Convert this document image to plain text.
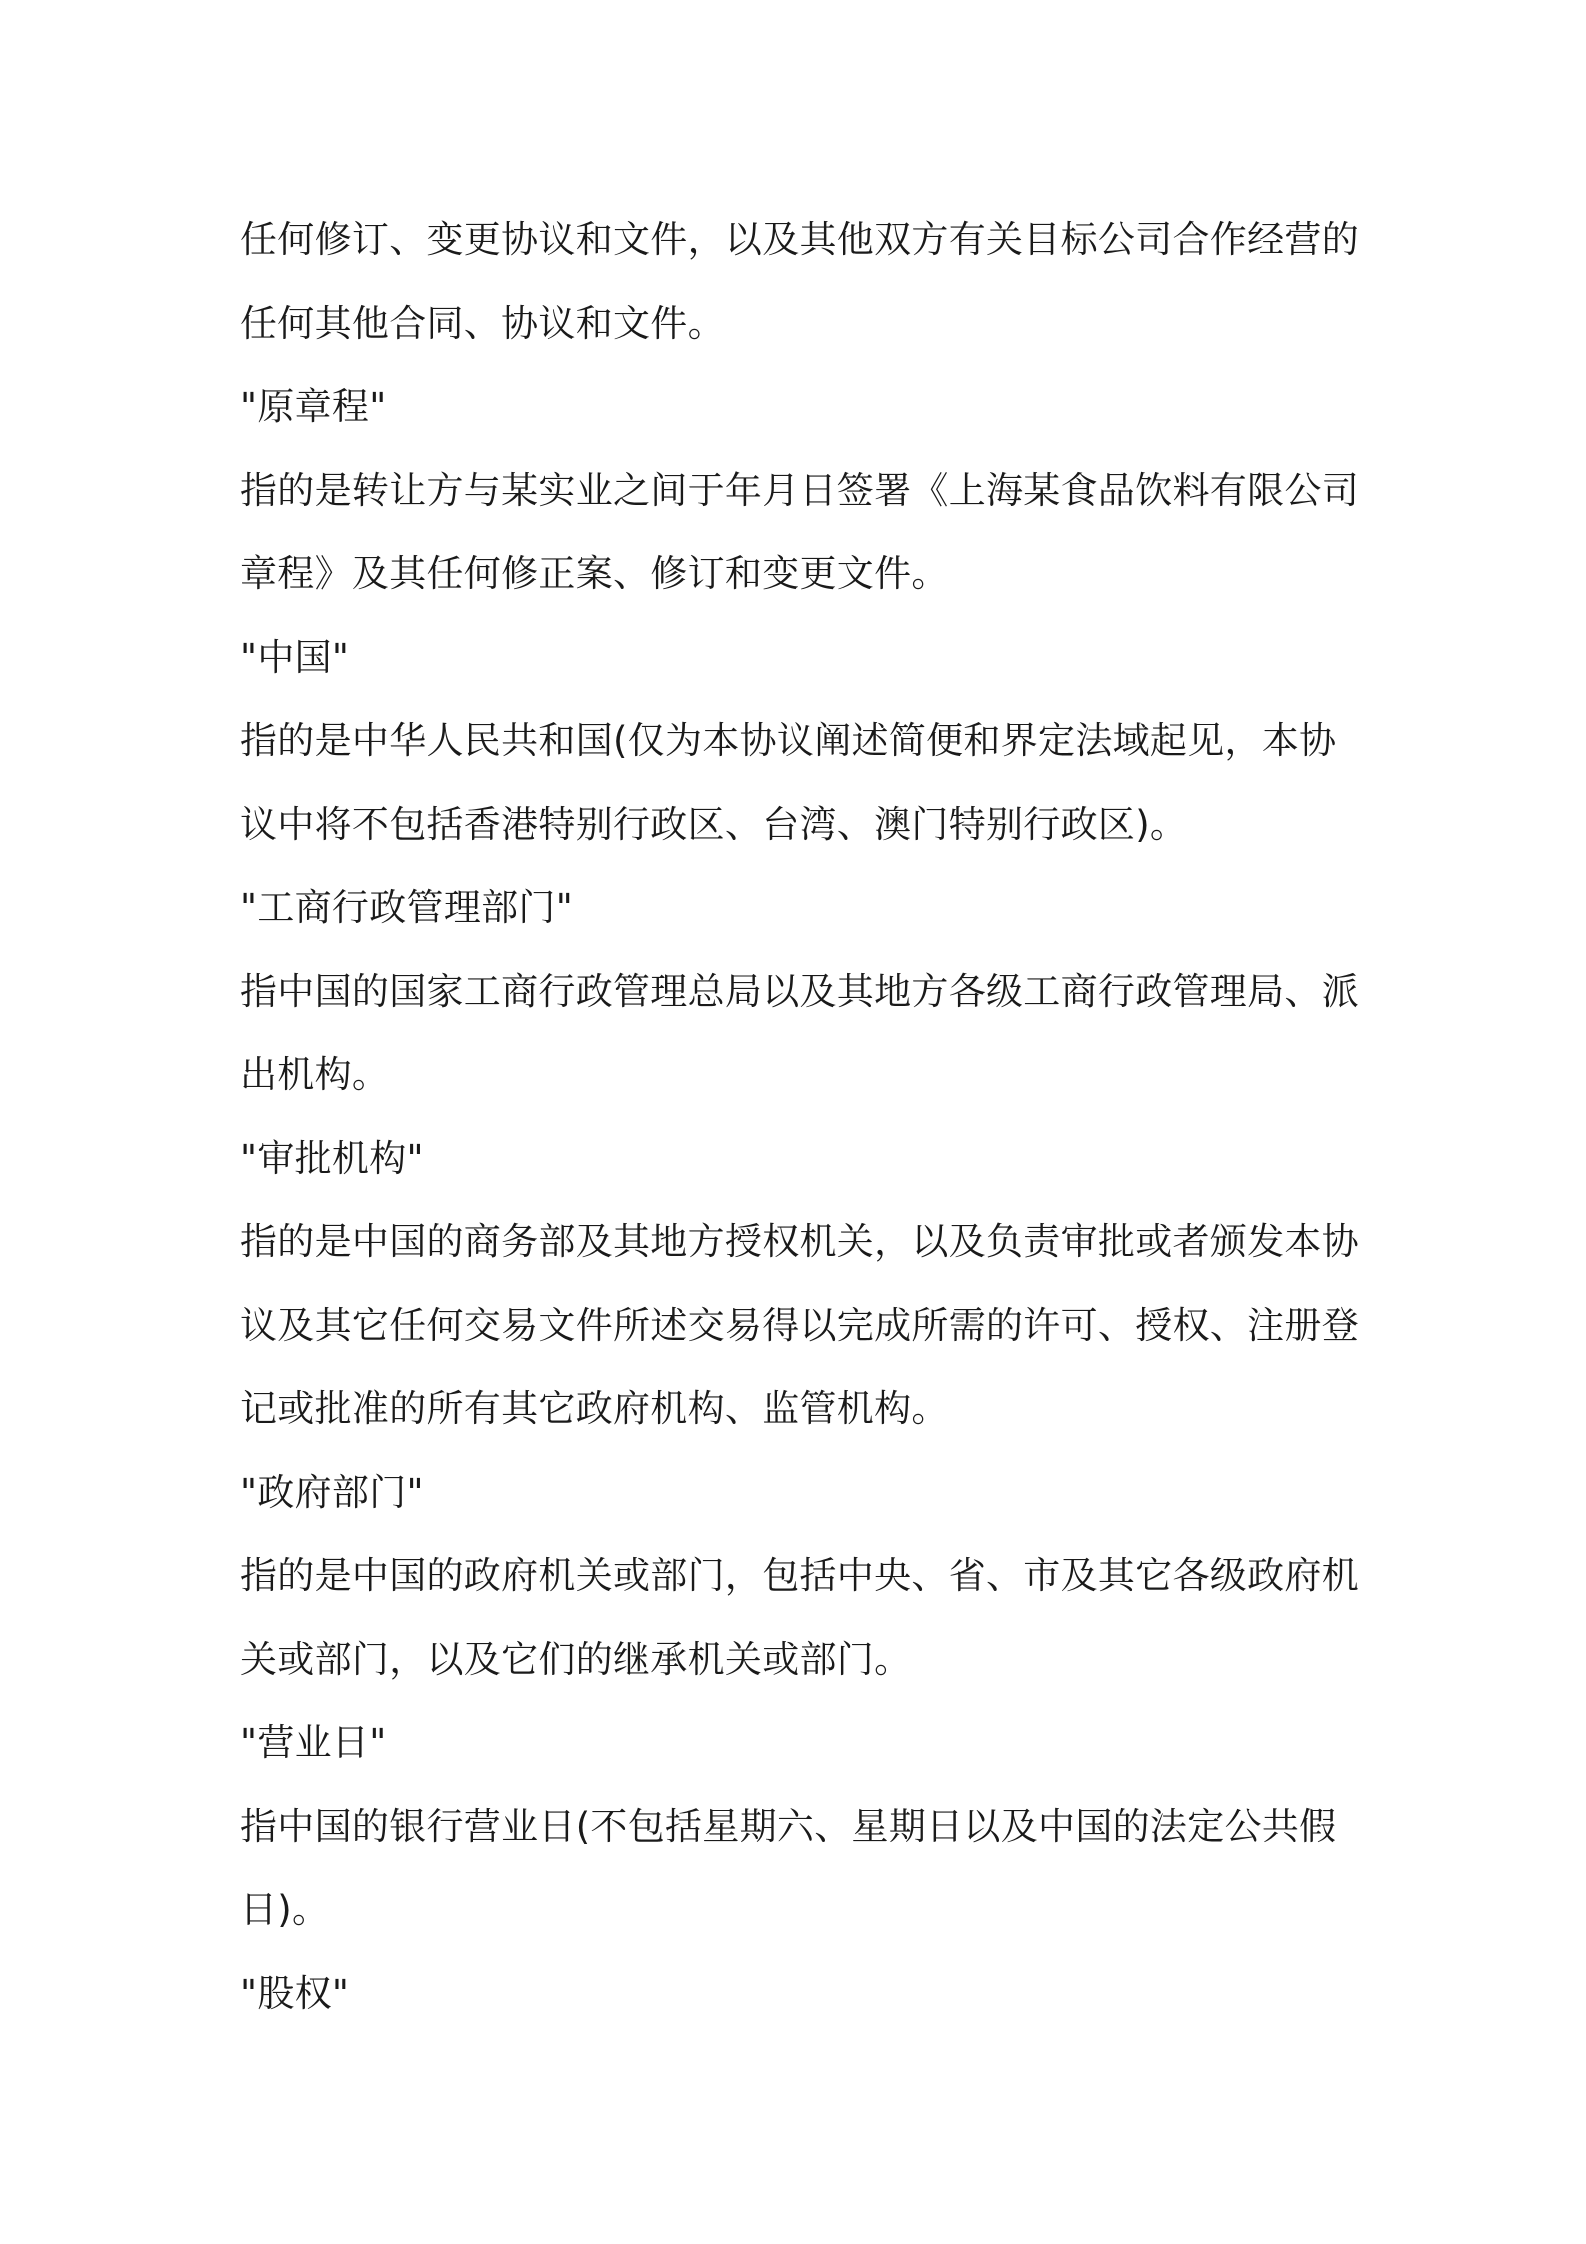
任何修订、变更协议和文件，以及其他双方有关目标公司合作经营的
任何其他合同、协议和文件。
"原章程"
指的是转让方与某实业之间于年月日签署《上海某食品饮料有限公司
章程》及其任何修正案、修订和变更文件。
"中国"
指的是中华人民共和国(仅为本协议阐述简便和界定法域起见，本协
议中将不包括香港特别行政区、台湾、澳门特别行政区)。
"工商行政管理部门"
指中国的国家工商行政管理总局以及其地方各级工商行政管理局、派
出机构。
"审批机构"
指的是中国的商务部及其地方授权机关，以及负责审批或者颁发本协
议及其它任何交易文件所述交易得以完成所需的许可、授权、注册登
记或批准的所有其它政府机构、监管机构。
"政府部门"
指的是中国的政府机关或部门，包括中央、省、市及其它各级政府机
关或部门，以及它们的继承机关或部门。
"营业日"
指中国的银行营业日(不包括星期六、星期日以及中国的法定公共假
日)。
"股权"
